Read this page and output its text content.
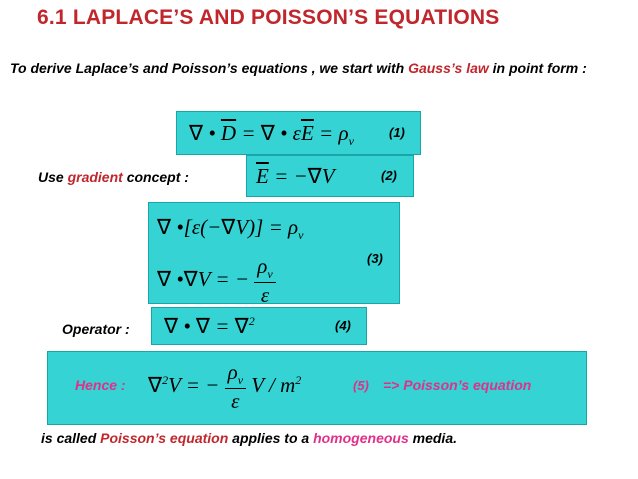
6.1 LAPLACE’S AND POISSON’S EQUATIONS
To derive Laplace’s and Poisson’s equations , we start with Gauss’s law in point form :
∇ • $\overline{D}$ = ∇ • $\varepsilon\overline{E} = \rho_v$
(1)
Use gradient concept :	$\overline{E} = -\nabla V$	(2)
∇ •[ε(−∇V)] = $\rho_v$
∇ •∇V = − $\frac{\rho_v}{\varepsilon}$	(3)
Operator : ∇ • ∇ = ∇$^2$	(4)
Hence : ∇$^2$V = − $\frac{\rho_v}{\varepsilon}$ V / $m^2$	(5) => Poisson’s equation
is called Poisson’s equation applies to a homogeneous media.
